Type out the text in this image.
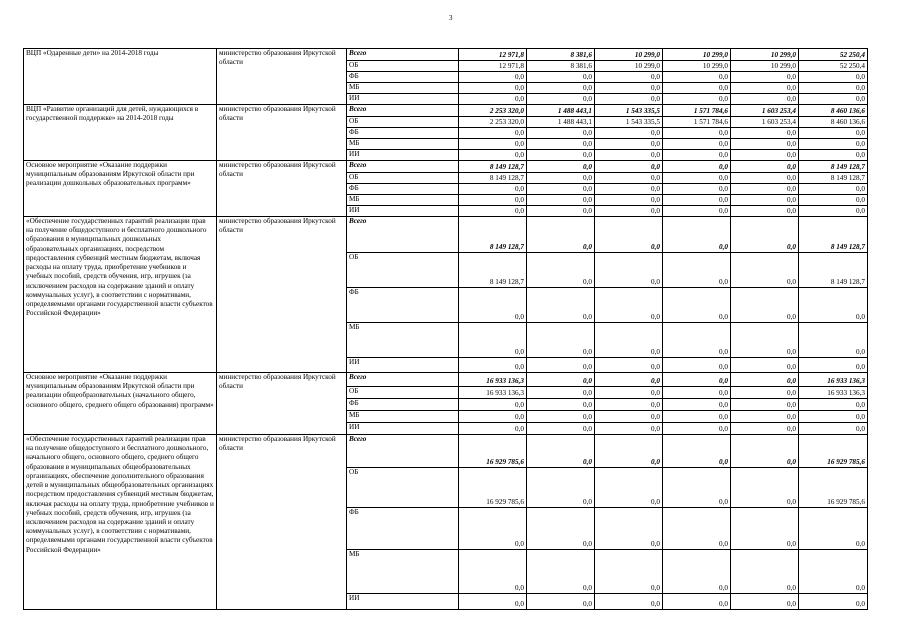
3
ВЦП «Одаренные дети» на 2014-2018 годы	министерство образования Иркутской области	Всего	12 971,8	8 381,6	10 299,0	10 299,0	10 299,0	52 250,4
		ОБ	12 971,8	8 381,6	10 299,0	10 299,0	10 299,0	52 250,4
		ФБ	0,0	0,0	0,0	0,0	0,0	0,0
		МБ	0,0	0,0	0,0	0,0	0,0	0,0
		ИИ	0,0	0,0	0,0	0,0	0,0	0,0
ВЦП «Развитие организаций для детей, нуждающихся в государственной поддержке» на 2014-2018 годы	министерство образования Иркутской области	Всего	2 253 320,0	1 488 443,1	1 543 335,5	1 571 784,6	1 603 253,4	8 460 136,6
		ОБ	2 253 320,0	1 488 443,1	1 543 335,5	1 571 784,6	1 603 253,4	8 460 136,6
		ФБ	0,0	0,0	0,0	0,0	0,0	0,0
		МБ	0,0	0,0	0,0	0,0	0,0	0,0
		ИИ	0,0	0,0	0,0	0,0	0,0	0,0
Основное мероприятие «Оказание поддержки муниципальным образованиям Иркутской области при реализации дошкольных образовательных программ»	министерство образования Иркутской области	Всего	8 149 128,7	0,0	0,0	0,0	0,0	8 149 128,7
		ОБ	8 149 128,7	0,0	0,0	0,0	0,0	8 149 128,7
		ФБ	0,0	0,0	0,0	0,0	0,0	0,0
		МБ	0,0	0,0	0,0	0,0	0,0	0,0
		ИИ	0,0	0,0	0,0	0,0	0,0	0,0
«Обеспечение государственных гарантий реализации прав на получение общедоступного и бесплатного дошкольного образования в муниципальных дошкольных образовательных организациях, посредством предоставления субвенций местным бюджетам, включая расходы на оплату труда, приобретение учебников и учебных пособий, средств обучения, игр, игрушек (за исключением расходов на содержание зданий и оплату коммунальных услуг), в соответствии с нормативами, определяемыми органами государственной власти субъектов Российской Федерации»	министерство образования Иркутской области	Всего	8 149 128,7	0,0	0,0	0,0	0,0	8 149 128,7
		ОБ	8 149 128,7	0,0	0,0	0,0	0,0	8 149 128,7
		ФБ	0,0	0,0	0,0	0,0	0,0	0,0
		МБ	0,0	0,0	0,0	0,0	0,0	0,0
		ИИ	0,0	0,0	0,0	0,0	0,0	0,0
Основное мероприятие «Оказание поддержки муниципальным образованиям Иркутской области при реализации общеобразовательных (начального общего, основного общего, среднего общего образования) программ»	министерство образования Иркутской области	Всего	16 933 136,3	0,0	0,0	0,0	0,0	16 933 136,3
		ОБ	16 933 136,3	0,0	0,0	0,0	0,0	16 933 136,3
		ФБ	0,0	0,0	0,0	0,0	0,0	0,0
		МБ	0,0	0,0	0,0	0,0	0,0	0,0
		ИИ	0,0	0,0	0,0	0,0	0,0	0,0
«Обеспечение государственных гарантий реализации прав на получение общедоступного и бесплатного дошкольного, начального общего, основного общего, среднего общего образования в муниципальных общеобразовательных организациях, обеспечение дополнительного образования детей в муниципальных общеобразовательных организациях посредством предоставления субвенций местным бюджетам, включая расходы на оплату труда, приобретение учебников и учебных пособий, средств обучения, игр, игрушек (за исключением расходов на содержание зданий и оплату коммунальных услуг), в соответствии с нормативами, определяемыми органами государственной власти субъектов Российской Федерации»	министерство образования Иркутской области	Всего	16 929 785,6	0,0	0,0	0,0	0,0	16 929 785,6
		ОБ	16 929 785,6	0,0	0,0	0,0	0,0	16 929 785,6
		ФБ	0,0	0,0	0,0	0,0	0,0	0,0
		МБ	0,0	0,0	0,0	0,0	0,0	0,0
		ИИ	0,0	0,0	0,0	0,0	0,0	0,0
